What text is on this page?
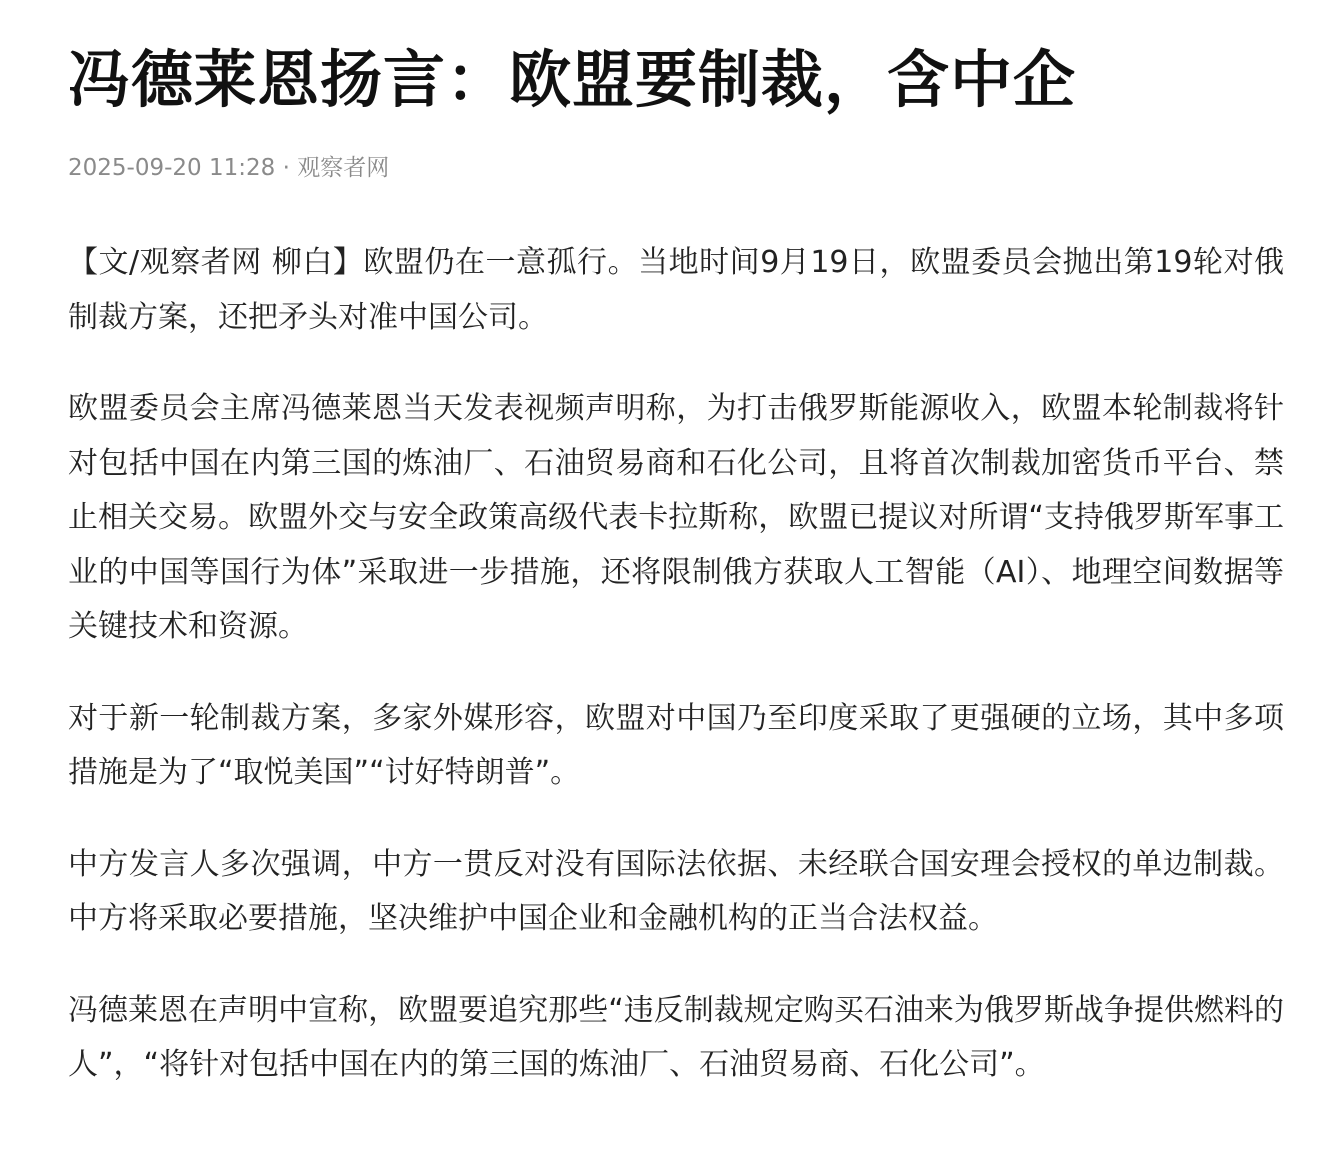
冯德莱恩扬言：欧盟要制裁，含中企
2025-09-20 11:28 · 观察者网

【文/观察者网 柳白】欧盟仍在一意孤行。当地时间9月19日，欧盟委员会抛出第19轮对俄制裁方案，还把矛头对准中国公司。

欧盟委员会主席冯德莱恩当天发表视频声明称，为打击俄罗斯能源收入，欧盟本轮制裁将针对包括中国在内第三国的炼油厂、石油贸易商和石化公司，且将首次制裁加密货币平台、禁止相关交易。欧盟外交与安全政策高级代表卡拉斯称，欧盟已提议对所谓“支持俄罗斯军事工业的中国等国行为体”采取进一步措施，还将限制俄方获取人工智能（AI）、地理空间数据等关键技术和资源。

对于新一轮制裁方案，多家外媒形容，欧盟对中国乃至印度采取了更强硬的立场，其中多项措施是为了“取悦美国”“讨好特朗普”。

中方发言人多次强调，中方一贯反对没有国际法依据、未经联合国安理会授权的单边制裁。中方将采取必要措施，坚决维护中国企业和金融机构的正当合法权益。

冯德莱恩在声明中宣称，欧盟要追究那些“违反制裁规定购买石油来为俄罗斯战争提供燃料的人”，“将针对包括中国在内的第三国的炼油厂、石油贸易商、石化公司”。
